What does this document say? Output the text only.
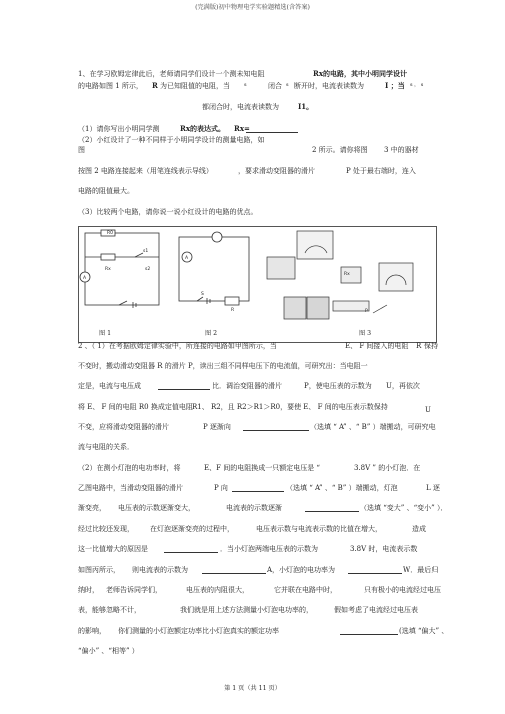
(完满版)初中物理电学实验题精选(含答案)
1、在学习欧姆定律此后，老师请同学们设计一个测未知电阻	Rx的电路，其中小明同学设计
的电路如图 1 所示， R 为已知阻值的电阻，当	s	闭合 s 断开时，电流表读数为	I ；当 s ， s
都闭合时，电流表读数为	I1。
（1）请你写出小明同学测	Rx的表达式。 Rx=
（2）小红设计了一种不同样于小明同学设计的测量电路，如
图	2 所示。请你将图 3 中的器材
按图 2 电路连接起来（用笔连线表示导线）	，要求滑动变阻器的滑片	P 处于最右端时，连入
电路的阻值最大。
（3）比较两个电路，请你说一说小红设计的电路的优点。
R0
Rx
s1
s2
A
A
S
R
Rx
P
图 1	图 2	图 3
2 、（ 1）在考据欧姆定律实验中，所连接的电路如甲图所示，当	E、 F 间接入的电阻 R 保持
不变时，搬动滑动变阻器 R 的滑片 P，读出三组不同样电压下的电流值，可研究出：当电阻一
定是，电流与电压成	比．调治变阻器的滑片	P，使电压表的示数为 U，再依次
将 E、 F 间的电阻 R0 换成定值电阻 R1、 R2，且 R2＞R1＞R0，要使 E、 F 间的电压表示数保持	U
不变，应将滑动变阻器的滑片	P 逐渐向	（选填 “ A” 、“ B” ）端搬动，可研究电
流与电阻的关系．
（2）在测小灯泡的电功率时，将	E、F 间的电阻换成一只额定电压是 “	3.8V ” 的小灯泡．在
乙图电路中，当滑动变阻器的滑片	P 向	（选填 “ A” 、“ B” ）端搬动，灯泡	L 逐
渐变亮， 电压表的示数逐渐变大，	电流表的示数逐渐	（选填 “变大” 、“变小” ）．
经过比较还发现， 在灯泡逐渐变亮的过程中，	电压表示数与电流表示数的比值在增大，	造成
这一比值增大的原因是	．当小灯泡两端电压表的示数为	3.8V 时，电流表示数
如图丙所示， 则电流表的示数为	A，小灯泡的电功率为	W．最后归
纳时， 老师告诉同学们，	电压表的内阻很大，	它并联在电路中时，	只有极小的电流经过电压
表，能够忽略不计，	我们就是用上述方法测量小灯泡电功率的，	假如考虑了电流经过电压表
的影响， 你们测量的小灯泡额定功率比小灯泡真实的额定功率	(选填 “偏大” 、
“偏小” 、“相等” ）
第 1 页（共 11 页）
